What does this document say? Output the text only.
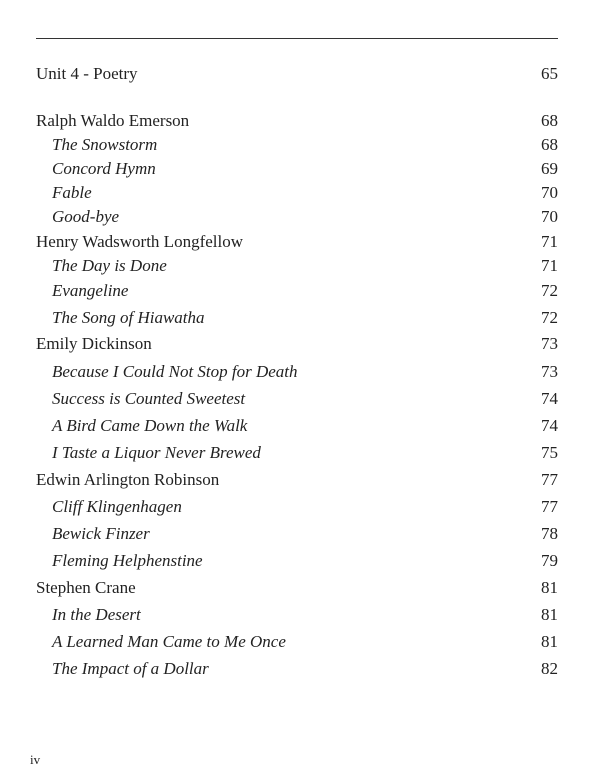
Unit 4 - Poetry	65
Ralph Waldo Emerson	68
The Snowstorm	68
Concord Hymn	69
Fable	70
Good-bye	70
Henry Wadsworth Longfellow	71
The Day is Done	71
Evangeline	72
The Song of Hiawatha	72
Emily Dickinson	73
Because I Could Not Stop for Death	73
Success is Counted Sweetest	74
A Bird Came Down the Walk	74
I Taste a Liquor Never Brewed	75
Edwin Arlington Robinson	77
Cliff Klingenhagen	77
Bewick Finzer	78
Fleming Helphenstine	79
Stephen Crane	81
In the Desert	81
A Learned Man Came to Me Once	81
The Impact of a Dollar	82
iv
